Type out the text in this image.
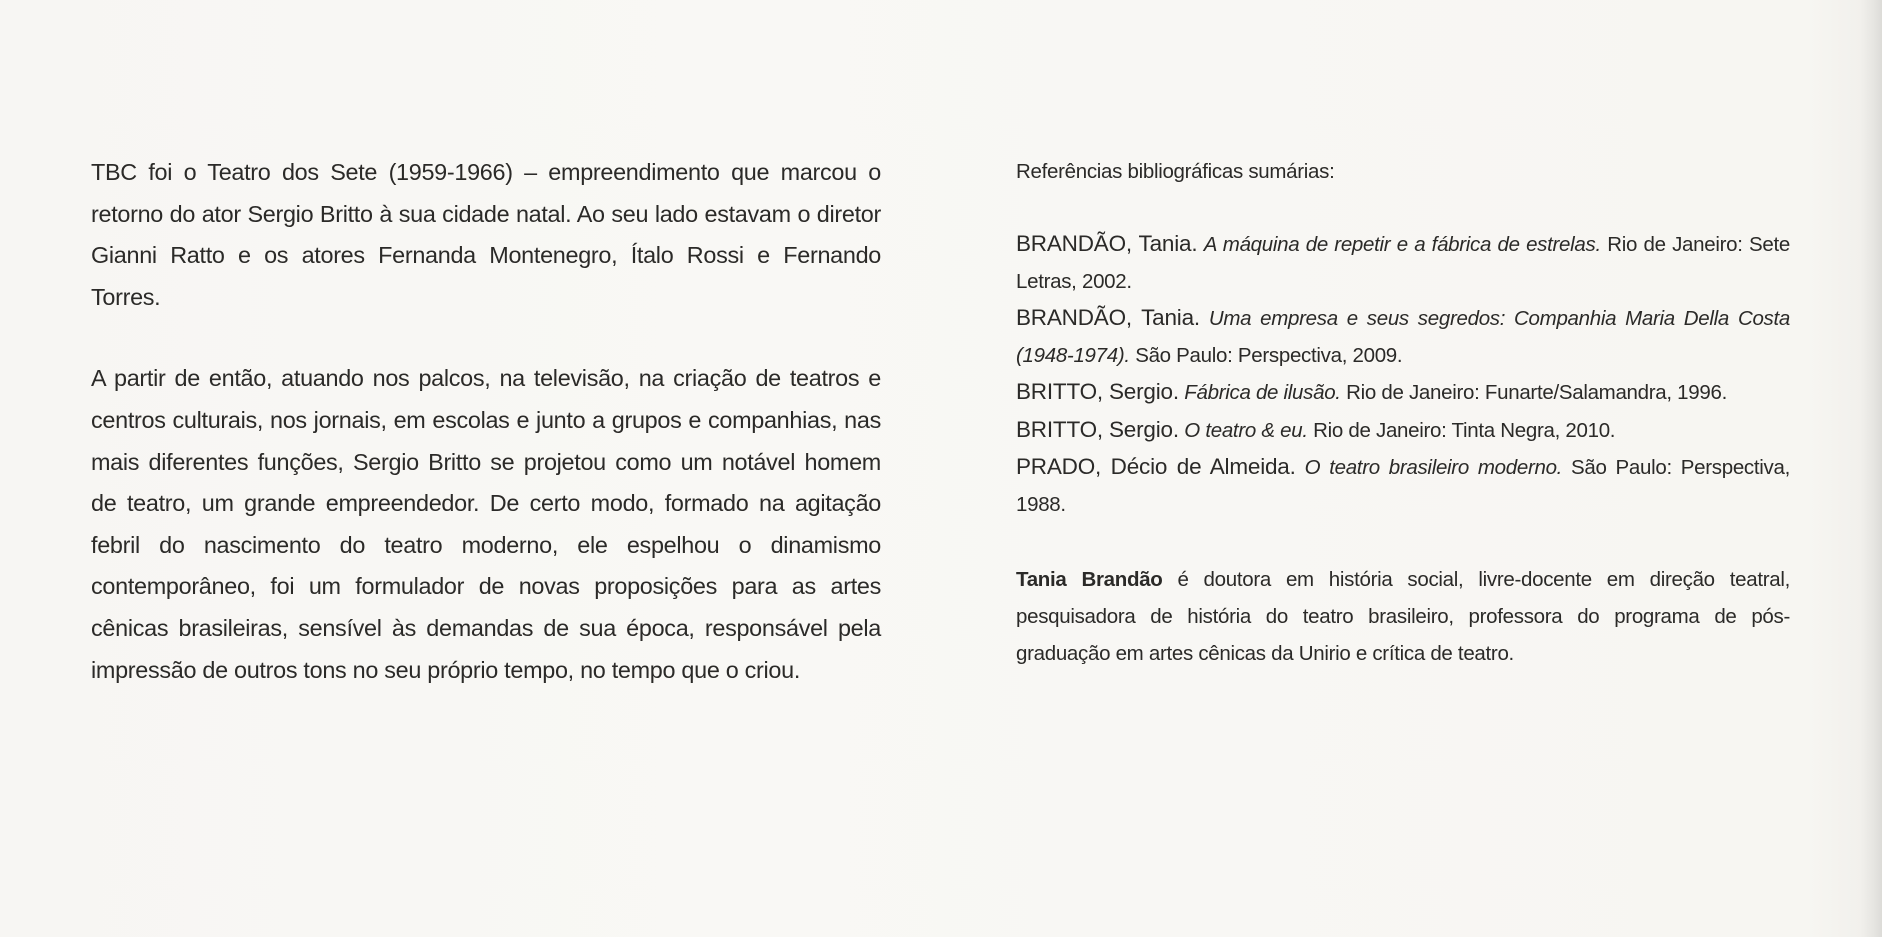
TBC foi o Teatro dos Sete (1959-1966) – empreendimento que marcou o retorno do ator Sergio Britto à sua cidade natal. Ao seu lado estavam o diretor Gianni Ratto e os atores Fernanda Montenegro, Ítalo Rossi e Fernando Torres.

A partir de então, atuando nos palcos, na televisão, na criação de teatros e centros culturais, nos jornais, em escolas e junto a grupos e companhias, nas mais diferentes funções, Sergio Britto se projetou como um notável homem de teatro, um grande empreendedor. De certo modo, formado na agitação febril do nascimento do teatro moderno, ele espelhou o dinamismo contemporâneo, foi um formulador de novas proposições para as artes cênicas brasileiras, sensível às demandas de sua época, responsável pela impressão de outros tons no seu próprio tempo, no tempo que o criou.

Referências bibliográficas sumárias:

BRANDÃO, Tania. A máquina de repetir e a fábrica de estrelas. Rio de Janeiro: Sete Letras, 2002.
BRANDÃO, Tania. Uma empresa e seus segredos: Companhia Maria Della Costa (1948-1974). São Paulo: Perspectiva, 2009.
BRITTO, Sergio. Fábrica de ilusão. Rio de Janeiro: Funarte/Salamandra, 1996.
BRITTO, Sergio. O teatro & eu. Rio de Janeiro: Tinta Negra, 2010.
PRADO, Décio de Almeida. O teatro brasileiro moderno. São Paulo: Perspectiva, 1988.

Tania Brandão é doutora em história social, livre-docente em direção teatral, pesquisadora de história do teatro brasileiro, professora do programa de pós-graduação em artes cênicas da Unirio e crítica de teatro.
